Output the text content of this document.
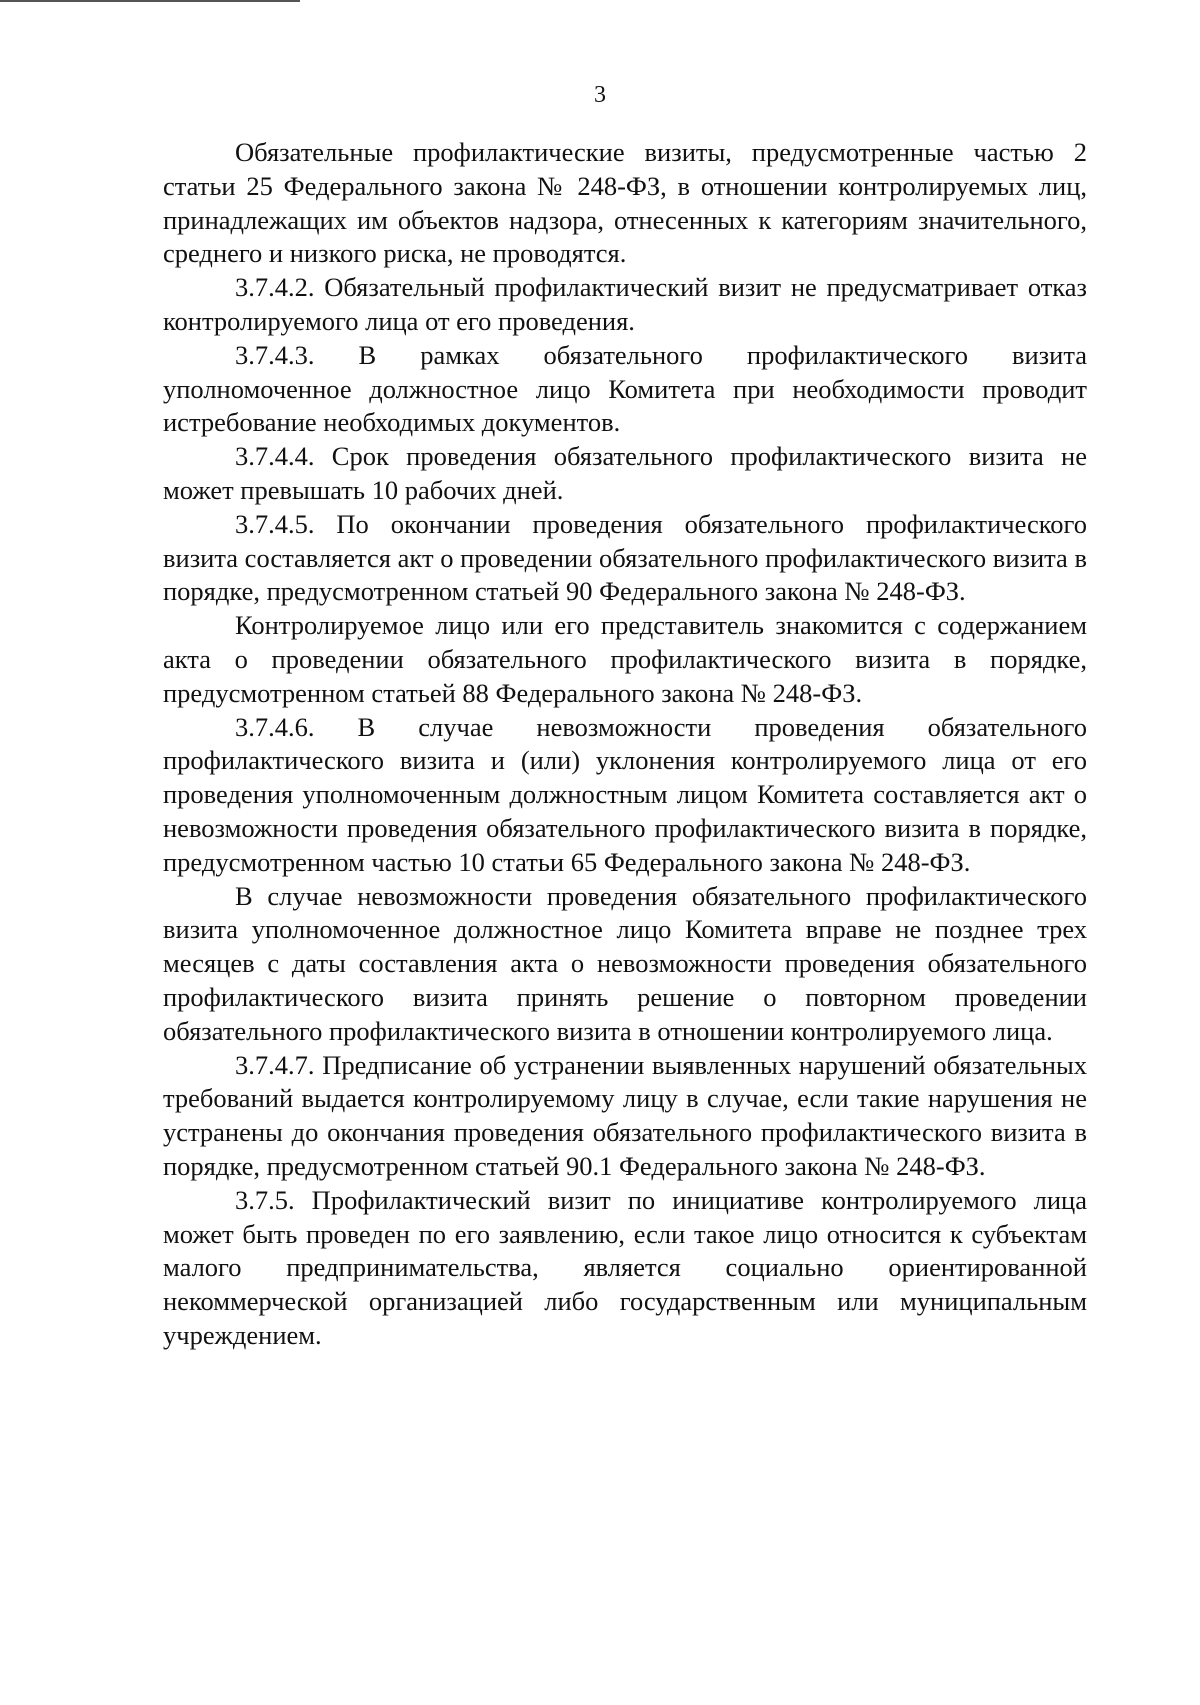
3

Обязательные профилактические визиты, предусмотренные частью 2 статьи 25 Федерального закона № 248-ФЗ, в отношении контролируемых лиц, принадлежащих им объектов надзора, отнесенных к категориям значительного, среднего и низкого риска, не проводятся.

3.7.4.2. Обязательный профилактический визит не предусматривает отказ контролируемого лица от его проведения.

3.7.4.3. В рамках обязательного профилактического визита уполномоченное должностное лицо Комитета при необходимости проводит истребование необходимых документов.

3.7.4.4. Срок проведения обязательного профилактического визита не может превышать 10 рабочих дней.

3.7.4.5. По окончании проведения обязательного профилактического визита составляется акт о проведении обязательного профилактического визита в порядке, предусмотренном статьей 90 Федерального закона № 248-ФЗ.

Контролируемое лицо или его представитель знакомится с содержанием акта о проведении обязательного профилактического визита в порядке, предусмотренном статьей 88 Федерального закона № 248-ФЗ.

3.7.4.6. В случае невозможности проведения обязательного профилактического визита и (или) уклонения контролируемого лица от его проведения уполномоченным должностным лицом Комитета составляется акт о невозможности проведения обязательного профилактического визита в порядке, предусмотренном частью 10 статьи 65 Федерального закона № 248-ФЗ.

В случае невозможности проведения обязательного профилактического визита уполномоченное должностное лицо Комитета вправе не позднее трех месяцев с даты составления акта о невозможности проведения обязательного профилактического визита принять решение о повторном проведении обязательного профилактического визита в отношении контролируемого лица.

3.7.4.7. Предписание об устранении выявленных нарушений обязательных требований выдается контролируемому лицу в случае, если такие нарушения не устранены до окончания проведения обязательного профилактического визита в порядке, предусмотренном статьей 90.1 Федерального закона № 248-ФЗ.

3.7.5. Профилактический визит по инициативе контролируемого лица может быть проведен по его заявлению, если такое лицо относится к субъектам малого предпринимательства, является социально ориентированной некоммерческой организацией либо государственным или муниципальным учреждением.
